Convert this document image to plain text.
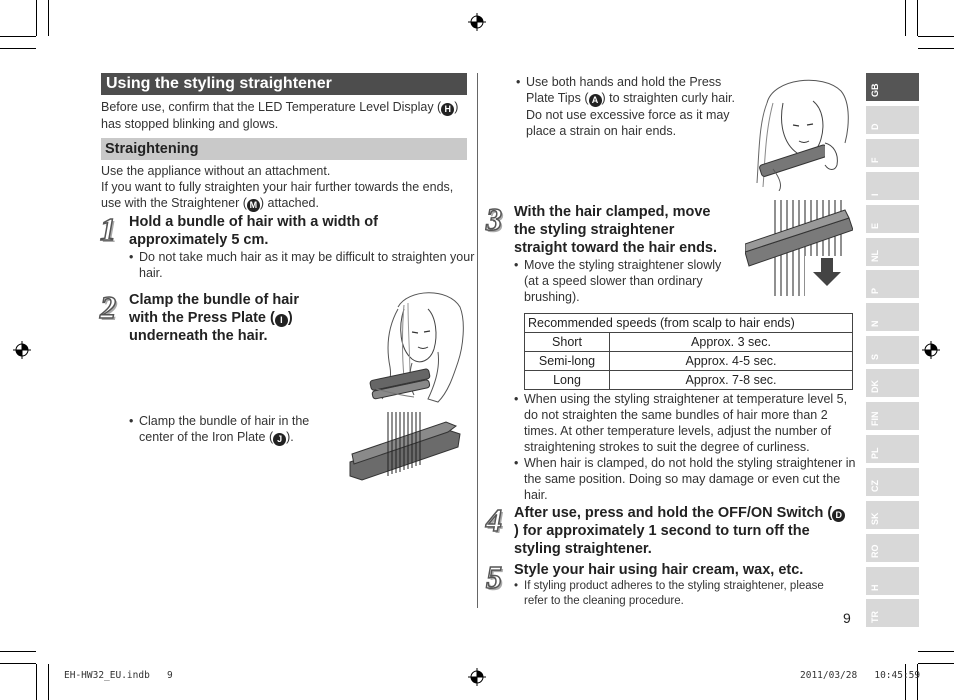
Using the styling straightener
Before use, confirm that the LED Temperature Level Display ( H ) has stopped blinking and glows.
Straightening
Use the appliance without an attachment.
If you want to fully straighten your hair further towards the ends, use with the Straightener ( M ) attached.
1 Hold a bundle of hair with a width of approximately 5 cm.
• Do not take much hair as it may be difficult to straighten your hair.
2 Clamp the bundle of hair with the Press Plate ( I ) underneath the hair.
• Clamp the bundle of hair in the center of the Iron Plate ( J ).
• Use both hands and hold the Press Plate Tips ( A ) to straighten curly hair.
Do not use excessive force as it may place a strain on hair ends.
3 With the hair clamped, move the styling straightener straight toward the hair ends.
• Move the styling straightener slowly (at a speed slower than ordinary brushing).
Recommended speeds (from scalp to hair ends)	
Short	Approx. 3 sec.
Semi-long	Approx. 4-5 sec.
Long	Approx. 7-8 sec.
• When using the styling straightener at temperature level 5, do not straighten the same bundles of hair more than 2 times. At other temperature levels, adjust the number of straightening strokes to suit the degree of curliness.
• When hair is clamped, do not hold the styling straightener in the same position. Doing so may damage or even cut the hair.
4 After use, press and hold the OFF/ON Switch ( D) for approximately 1 second to turn off the styling straightener.
5 Style your hair using hair cream, wax, etc.
• If styling product adheres to the styling straightener, please refer to the cleaning procedure.
9
GB
D
F
I
E
NL
P
N
S
DK
FIN
PL
CZ
SK
RO
H
TR
EH-HW32_EU.indb   9	2011/03/28   10:45:59
